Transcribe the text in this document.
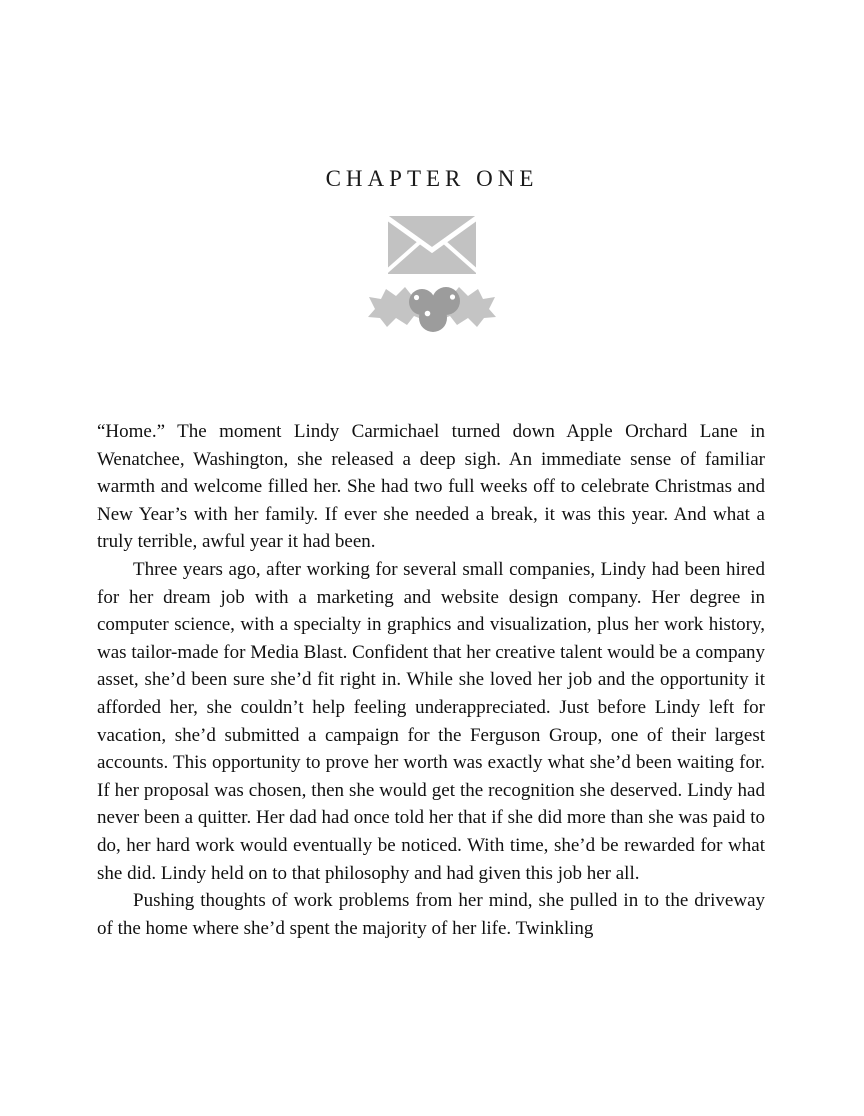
CHAPTER ONE

“Home.” The moment Lindy Carmichael turned down Apple Orchard Lane in Wenatchee, Washington, she released a deep sigh. An immediate sense of familiar warmth and welcome filled her. She had two full weeks off to celebrate Christmas and New Year’s with her family. If ever she needed a break, it was this year. And what a truly terrible, awful year it had been.

Three years ago, after working for several small companies, Lindy had been hired for her dream job with a marketing and website design company. Her degree in computer science, with a specialty in graphics and visualization, plus her work history, was tailor-made for Media Blast. Confident that her creative talent would be a company asset, she’d been sure she’d fit right in. While she loved her job and the opportunity it afforded her, she couldn’t help feeling underappreciated. Just before Lindy left for vacation, she’d submitted a campaign for the Ferguson Group, one of their largest accounts. This opportunity to prove her worth was exactly what she’d been waiting for. If her proposal was chosen, then she would get the recognition she deserved. Lindy had never been a quitter. Her dad had once told her that if she did more than she was paid to do, her hard work would eventually be noticed. With time, she’d be rewarded for what she did. Lindy held on to that philosophy and had given this job her all.

Pushing thoughts of work problems from her mind, she pulled in to the driveway of the home where she’d spent the majority of her life. Twinkling
